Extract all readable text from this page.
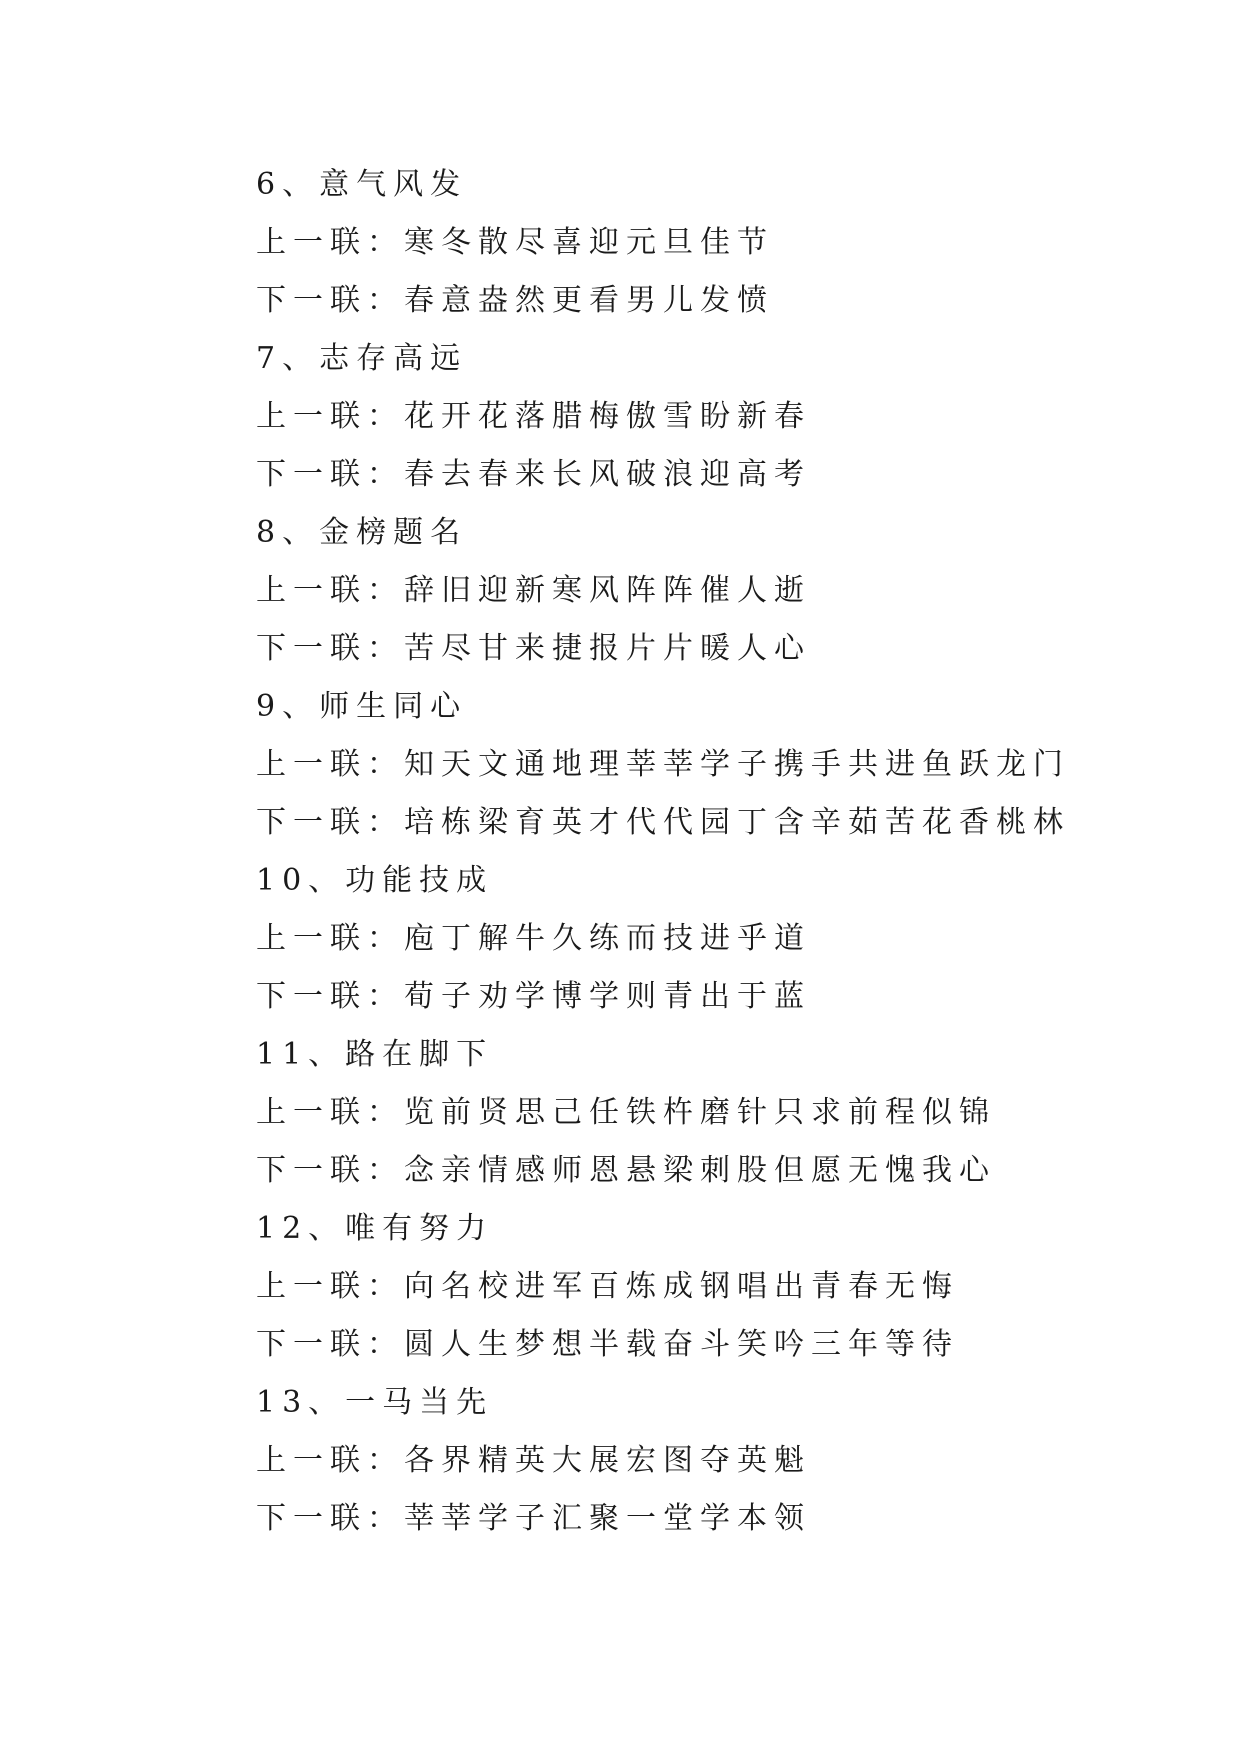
6、意气风发
上一联：寒冬散尽喜迎元旦佳节
下一联：春意盎然更看男儿发愤
7、志存高远
上一联：花开花落腊梅傲雪盼新春
下一联：春去春来长风破浪迎高考
8、金榜题名
上一联：辞旧迎新寒风阵阵催人逝
下一联：苦尽甘来捷报片片暖人心
9、师生同心
上一联：知天文通地理莘莘学子携手共进鱼跃龙门
下一联：培栋梁育英才代代园丁含辛茹苦花香桃林
10、功能技成
上一联：庖丁解牛久练而技进乎道
下一联：荀子劝学博学则青出于蓝
11、路在脚下
上一联：览前贤思己任铁杵磨针只求前程似锦
下一联：念亲情感师恩悬梁刺股但愿无愧我心
12、唯有努力
上一联：向名校进军百炼成钢唱出青春无悔
下一联：圆人生梦想半载奋斗笑吟三年等待
13、一马当先
上一联：各界精英大展宏图夺英魁
下一联：莘莘学子汇聚一堂学本领
